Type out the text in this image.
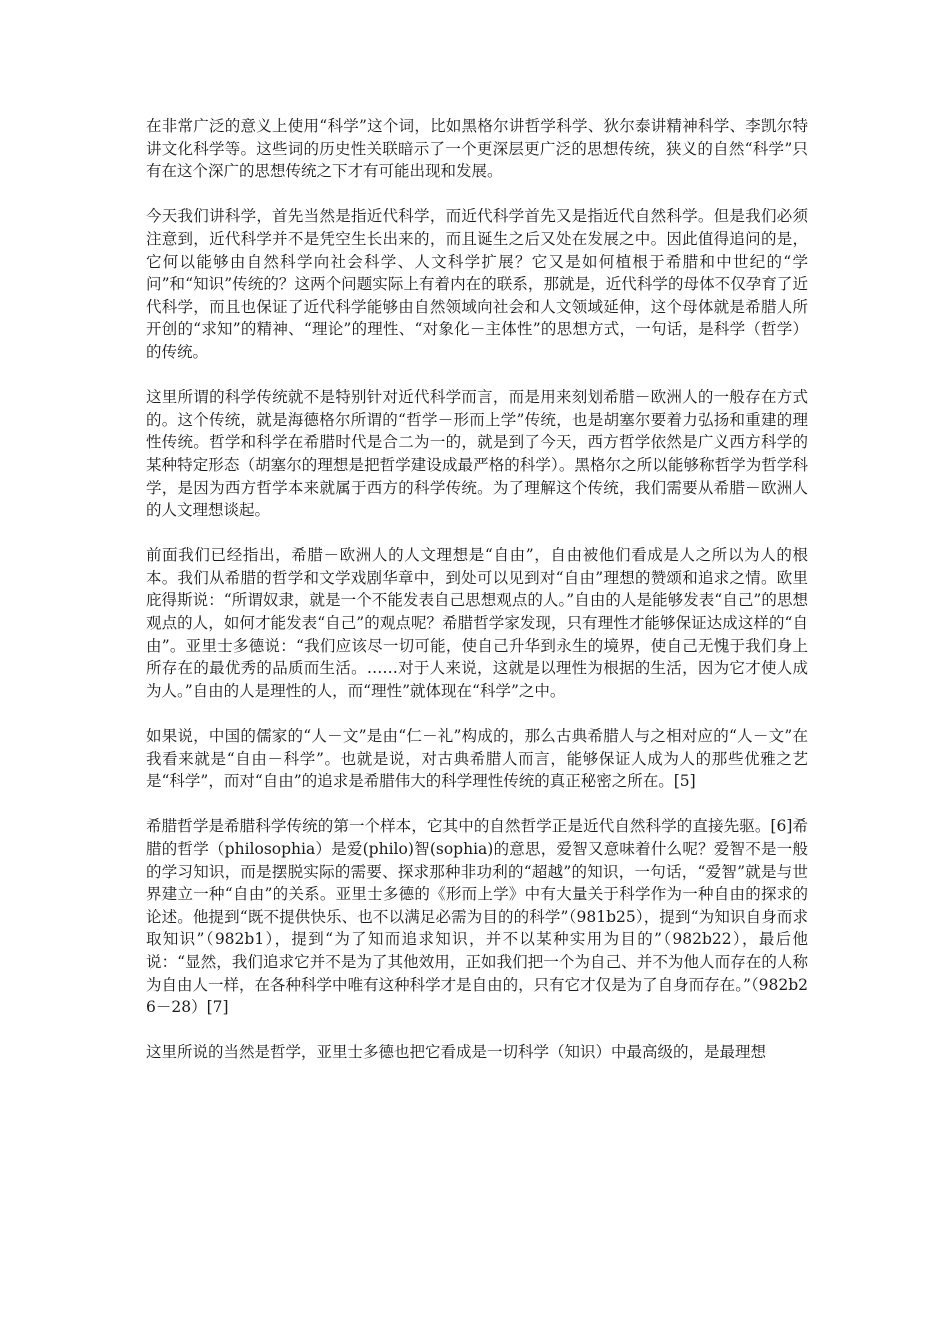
在非常广泛的意义上使用“科学”这个词，比如黑格尔讲哲学科学、狄尔泰讲精神科学、李凯尔特讲文化科学等。这些词的历史性关联暗示了一个更深层更广泛的思想传统，狭义的自然“科学”只有在这个深广的思想传统之下才有可能出现和发展。

今天我们讲科学，首先当然是指近代科学，而近代科学首先又是指近代自然科学。但是我们必须注意到，近代科学并不是凭空生长出来的，而且诞生之后又处在发展之中。因此值得追问的是，它何以能够由自然科学向社会科学、人文科学扩展？它又是如何植根于希腊和中世纪的“学问”和“知识”传统的？这两个问题实际上有着内在的联系，那就是，近代科学的母体不仅孕育了近代科学，而且也保证了近代科学能够由自然领域向社会和人文领域延伸，这个母体就是希腊人所开创的“求知”的精神、“理论”的理性、“对象化－主体性”的思想方式，一句话，是科学（哲学）的传统。

这里所谓的科学传统就不是特别针对近代科学而言，而是用来刻划希腊－欧洲人的一般存在方式的。这个传统，就是海德格尔所谓的“哲学－形而上学”传统，也是胡塞尔要着力弘扬和重建的理性传统。哲学和科学在希腊时代是合二为一的，就是到了今天，西方哲学依然是广义西方科学的某种特定形态（胡塞尔的理想是把哲学建设成最严格的科学）。黑格尔之所以能够称哲学为哲学科学，是因为西方哲学本来就属于西方的科学传统。为了理解这个传统，我们需要从希腊－欧洲人的人文理想谈起。

前面我们已经指出，希腊－欧洲人的人文理想是“自由”，自由被他们看成是人之所以为人的根本。我们从希腊的哲学和文学戏剧华章中，到处可以见到对“自由”理想的赞颂和追求之情。欧里庇得斯说：“所谓奴隶，就是一个不能发表自己思想观点的人。”自由的人是能够发表“自己”的思想观点的人，如何才能发表“自己”的观点呢？希腊哲学家发现，只有理性才能够保证达成这样的“自由”。亚里士多德说：“我们应该尽一切可能，使自己升华到永生的境界，使自己无愧于我们身上所存在的最优秀的品质而生活。……对于人来说，这就是以理性为根据的生活，因为它才使人成为人。”自由的人是理性的人，而“理性”就体现在“科学”之中。

如果说，中国的儒家的“人－文”是由“仁－礼”构成的，那么古典希腊人与之相对应的“人－文”在我看来就是“自由－科学”。也就是说，对古典希腊人而言，能够保证人成为人的那些优雅之艺是“科学”，而对“自由”的追求是希腊伟大的科学理性传统的真正秘密之所在。[5]

希腊哲学是希腊科学传统的第一个样本，它其中的自然哲学正是近代自然科学的直接先驱。[6]希腊的哲学（philosophia）是爱(philo)智(sophia)的意思，爱智又意味着什么呢？爱智不是一般的学习知识，而是摆脱实际的需要、探求那种非功利的“超越”的知识，一句话，“爱智”就是与世界建立一种“自由”的关系。亚里士多德的《形而上学》中有大量关于科学作为一种自由的探求的论述。他提到“既不提供快乐、也不以满足必需为目的的科学”（981b25），提到“为知识自身而求取知识”（982b1），提到“为了知而追求知识，并不以某种实用为目的”（982b22），最后他说：“显然，我们追求它并不是为了其他效用，正如我们把一个为自己、并不为他人而存在的人称为自由人一样，在各种科学中唯有这种科学才是自由的，只有它才仅是为了自身而存在。”（982b26－28）[7]

这里所说的当然是哲学，亚里士多德也把它看成是一切科学（知识）中最高级的，是最理想
